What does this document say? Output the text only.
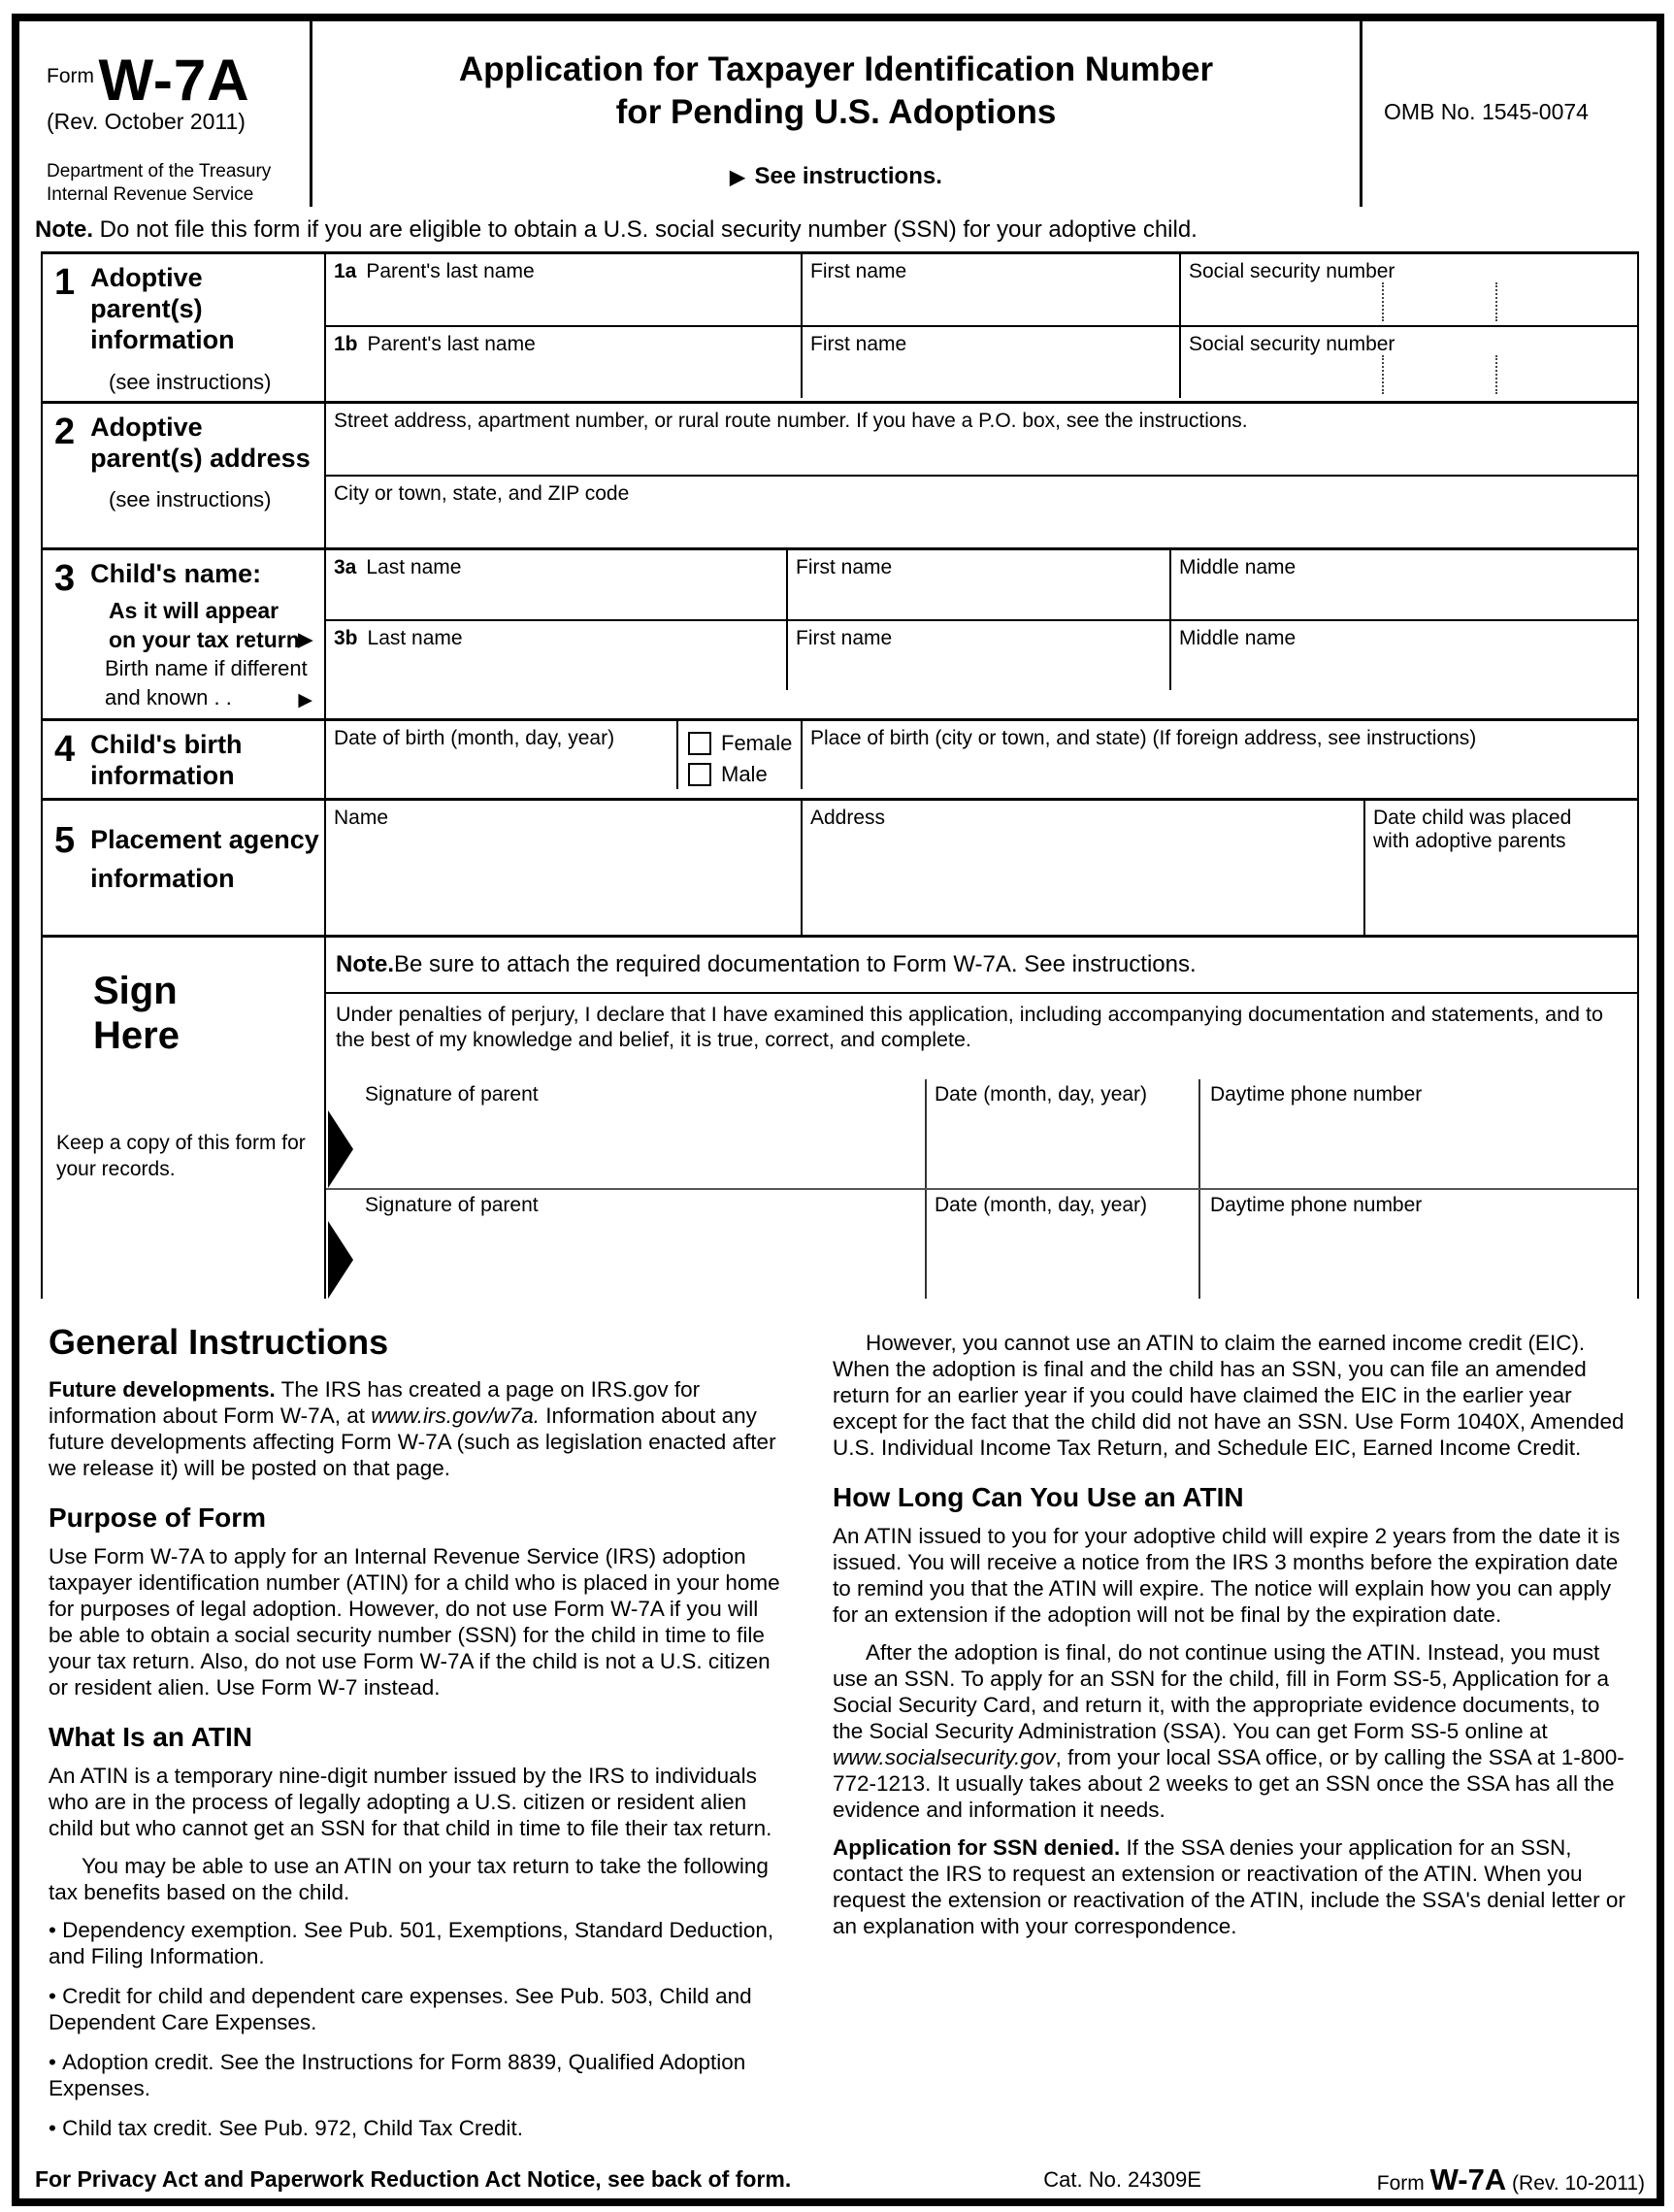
Form W-7A
(Rev. October 2011)
Department of the Treasury
Internal Revenue Service
Application for Taxpayer Identification Number
for Pending U.S. Adoptions
▶ See instructions.
OMB No. 1545-0074
Note. Do not file this form if you are eligible to obtain a U.S. social security number (SSN) for your adoptive child.
1 Adoptive parent(s) information
(see instructions)
1a Parent's last name	First name	Social security number
1b Parent's last name	First name	Social security number
2 Adoptive parent(s) address
(see instructions)
Street address, apartment number, or rural route number. If you have a P.O. box, see the instructions.
City or town, state, and ZIP code
3 Child's name:
As it will appear
on your tax return
▶
Birth name if different
and known . .
▶
3a Last name	First name	Middle name
3b Last name	First name	Middle name
4 Child's birth information
Date of birth (month, day, year)	Female
Male
Place of birth (city or town, and state) (If foreign address, see instructions)
5 Placement agency information
Name	Address	Date child was placed with adoptive parents
Sign
Here
Keep a copy of this form for your records.
Note. Be sure to attach the required documentation to Form W-7A. See instructions.
Under penalties of perjury, I declare that I have examined this application, including accompanying documentation and statements, and to the best of my knowledge and belief, it is true, correct, and complete.
Signature of parent	Date (month, day, year)	Daytime phone number
Signature of parent	Date (month, day, year)	Daytime phone number
General Instructions

Future developments. The IRS has created a page on IRS.gov for information about Form W-7A, at www.irs.gov/w7a. Information about any future developments affecting Form W-7A (such as legislation enacted after we release it) will be posted on that page.

Purpose of Form

Use Form W-7A to apply for an Internal Revenue Service (IRS) adoption taxpayer identification number (ATIN) for a child who is placed in your home for purposes of legal adoption. However, do not use Form W-7A if you will be able to obtain a social security number (SSN) for the child in time to file your tax return. Also, do not use Form W-7A if the child is not a U.S. citizen or resident alien. Use Form W-7 instead.

What Is an ATIN

An ATIN is a temporary nine-digit number issued by the IRS to individuals who are in the process of legally adopting a U.S. citizen or resident alien child but who cannot get an SSN for that child in time to file their tax return.

You may be able to use an ATIN on your tax return to take the following tax benefits based on the child.

• Dependency exemption. See Pub. 501, Exemptions, Standard Deduction, and Filing Information.
• Credit for child and dependent care expenses. See Pub. 503, Child and Dependent Care Expenses.
• Adoption credit. See the Instructions for Form 8839, Qualified Adoption Expenses.
• Child tax credit. See Pub. 972, Child Tax Credit.

However, you cannot use an ATIN to claim the earned income credit (EIC). When the adoption is final and the child has an SSN, you can file an amended return for an earlier year if you could have claimed the EIC in the earlier year except for the fact that the child did not have an SSN. Use Form 1040X, Amended U.S. Individual Income Tax Return, and Schedule EIC, Earned Income Credit.

How Long Can You Use an ATIN

An ATIN issued to you for your adoptive child will expire 2 years from the date it is issued. You will receive a notice from the IRS 3 months before the expiration date to remind you that the ATIN will expire. The notice will explain how you can apply for an extension if the adoption will not be final by the expiration date.

After the adoption is final, do not continue using the ATIN. Instead, you must use an SSN. To apply for an SSN for the child, fill in Form SS-5, Application for a Social Security Card, and return it, with the appropriate evidence documents, to the Social Security Administration (SSA). You can get Form SS-5 online at www.socialsecurity.gov, from your local SSA office, or by calling the SSA at 1-800-772-1213. It usually takes about 2 weeks to get an SSN once the SSA has all the evidence and information it needs.

Application for SSN denied. If the SSA denies your application for an SSN, contact the IRS to request an extension or reactivation of the ATIN. When you request the extension or reactivation of the ATIN, include the SSA's denial letter or an explanation with your correspondence.

For Privacy Act and Paperwork Reduction Act Notice, see back of form.	Cat. No. 24309E	Form W-7A (Rev. 10-2011)
